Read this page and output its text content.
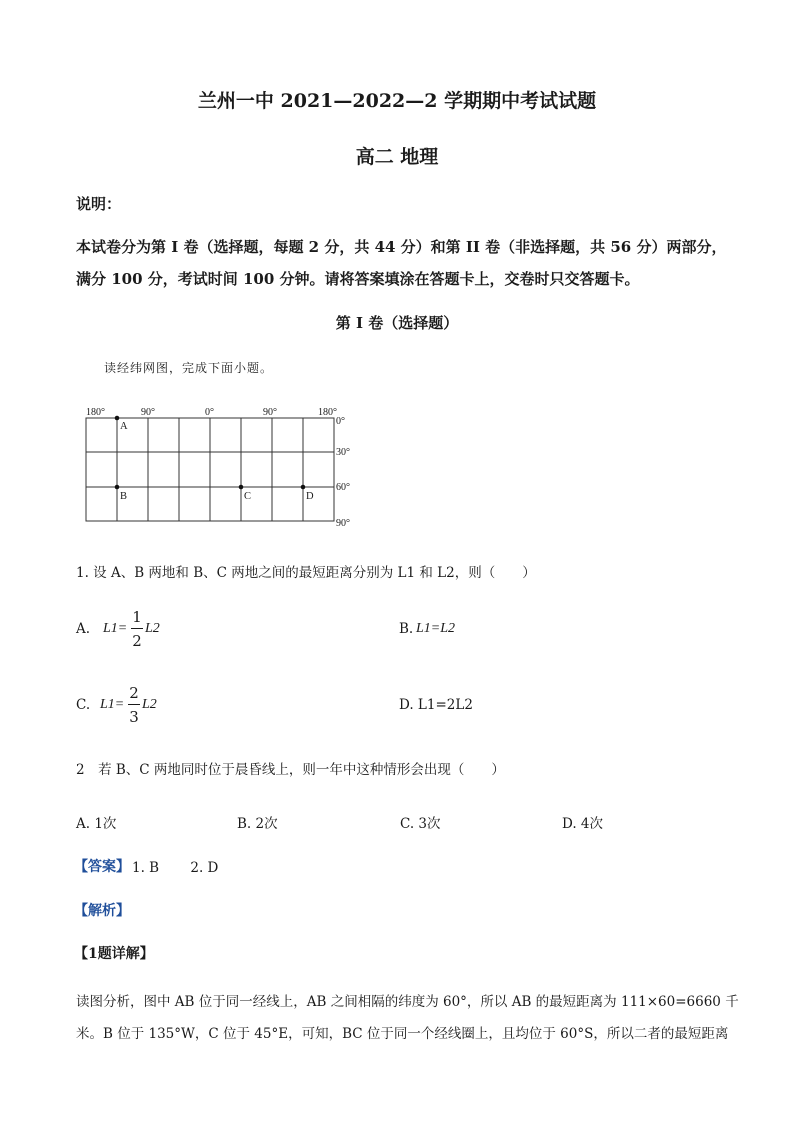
兰州一中 2021—2022—2 学期期中考试试题
高二 地理
说明：
本试卷分为第 I 卷（选择题，每题 2 分，共 44 分）和第 II 卷（非选择题，共 56 分）两部分，
满分 100 分，考试时间 100 分钟。请将答案填涂在答题卡上，交卷时只交答题卡。
第 I 卷（选择题）
读经纬网图，完成下面小题。
180°	90°	0°	90°	180°
0°
30°
60°
90°
A
B	C	D
1. 设 A、B 两地和 B、C 两地之间的最短距离分别为 L1 和 L2，则（　　）
A. L1=
1
2
L2	B. L1=L2
C. L1=
2
3
L2	D. L1=2L2
2　若 B、C 两地同时位于晨昏线上，则一年中这种情形会出现（　　）
A. 1次	B. 2次	C. 3次	D. 4次
【答案】 1. B　　 2. D
【解析】
【1题详解】
读图分析，图中 AB 位于同一经线上，AB 之间相隔的纬度为 60°，所以 AB 的最短距离为 111×60=6660 千
米。B 位于 135°W，C 位于 45°E，可知，BC 位于同一个经线圈上，且均位于 60°S，所以二者的最短距离
